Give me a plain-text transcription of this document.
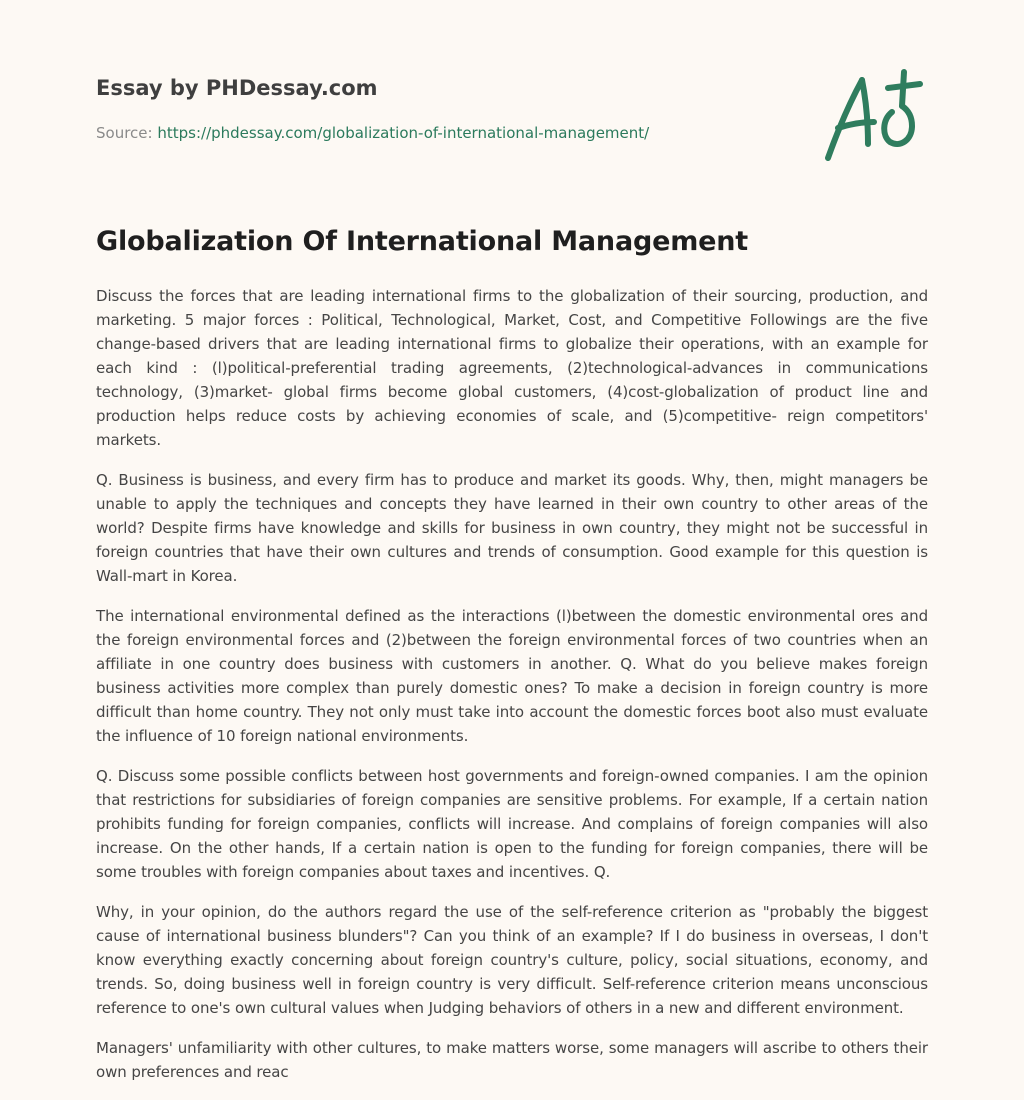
Essay by PHDessay.com
Source: https://phdessay.com/globalization-of-international-management/
Globalization Of International Management

Discuss the forces that are leading international firms to the globalization of their sourcing, production, and marketing. 5 major forces : Political, Technological, Market, Cost, and Competitive Followings are the five change-based drivers that are leading international firms to globalize their operations, with an example for each kind : (l)political-preferential trading agreements, (2)technological-advances in communications technology, (3)market- global firms become global customers, (4)cost-globalization of product line and production helps reduce costs by achieving economies of scale, and (5)competitive- reign competitors' markets.

Q. Business is business, and every firm has to produce and market its goods. Why, then, might managers be unable to apply the techniques and concepts they have learned in their own country to other areas of the world? Despite firms have knowledge and skills for business in own country, they might not be successful in foreign countries that have their own cultures and trends of consumption. Good example for this question is Wall-mart in Korea.

The international environmental defined as the interactions (l)between the domestic environmental ores and the foreign environmental forces and (2)between the foreign environmental forces of two countries when an affiliate in one country does business with customers in another. Q. What do you believe makes foreign business activities more complex than purely domestic ones? To make a decision in foreign country is more difficult than home country. They not only must take into account the domestic forces boot also must evaluate the influence of 10 foreign national environments.

Q. Discuss some possible conflicts between host governments and foreign-owned companies. I am the opinion that restrictions for subsidiaries of foreign companies are sensitive problems. For example, If a certain nation prohibits funding for foreign companies, conflicts will increase. And complains of foreign companies will also increase. On the other hands, If a certain nation is open to the funding for foreign companies, there will be some troubles with foreign companies about taxes and incentives. Q.

Why, in your opinion, do the authors regard the use of the self-reference criterion as "probably the biggest cause of international business blunders"? Can you think of an example? If I do business in overseas, I don't know everything exactly concerning about foreign country's culture, policy, social situations, economy, and trends. So, doing business well in foreign country is very difficult. Self-reference criterion means unconscious reference to one's own cultural values when Judging behaviors of others in a new and different environment.

Managers' unfamiliarity with other cultures, to make matters worse, some managers will ascribe to others their own preferences and reac
